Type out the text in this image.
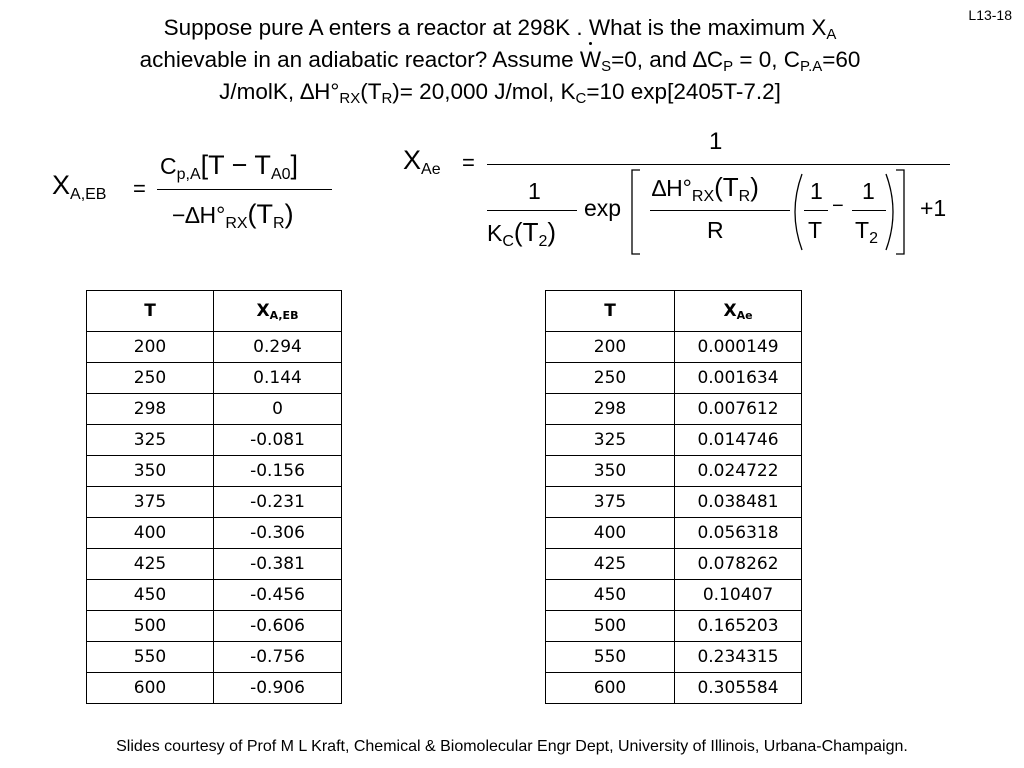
L13-18
Suppose pure A enters a reactor at 298K . What is the maximum $X_A$
achievable in an adiabatic reactor? Assume $W_S=0$, and $\Delta C_P = 0$, $C_{P.A}=60$
J/molK, $\Delta H^\circ_{RX}(T_R)= 20,000$ J/mol, $K_C=10$ exp[2405T-7.2]
$X_{A,EB}$ =
$C_{p,A}[T - T_{A0}]$
$-\Delta H^\circ_{RX}(T_R)$
$X_{Ae}$ =
1
1
$K_C(T_2)$
exp
$\Delta H^\circ_{RX}(T_R)$
R
1
T
−
1
$T_2$
+1
T	$X_{A,EB}$
200	0.294
250	0.144
298	0
325	-0.081
350	-0.156
375	-0.231
400	-0.306
425	-0.381
450	-0.456
500	-0.606
550	-0.756
600	-0.906
T	$X_{Ae}$
200	0.000149
250	0.001634
298	0.007612
325	0.014746
350	0.024722
375	0.038481
400	0.056318
425	0.078262
450	0.10407
500	0.165203
550	0.234315
600	0.305584
Slides courtesy of Prof M L Kraft, Chemical & Biomolecular Engr Dept, University of Illinois, Urbana-Champaign.
